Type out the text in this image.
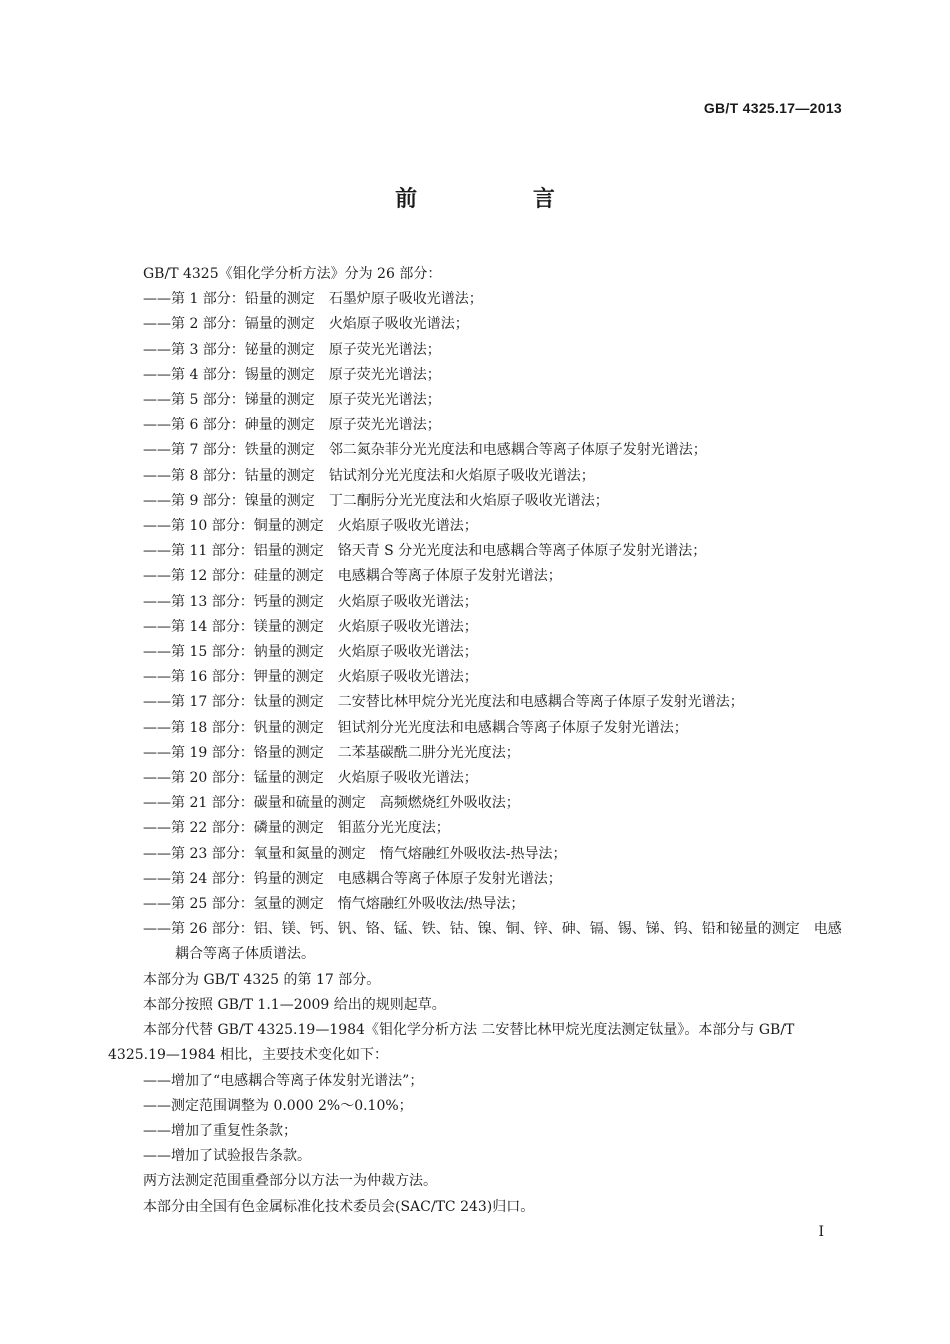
GB/T 4325.17—2013
前 言
GB/T 4325《钼化学分析方法》分为 26 部分：
——第 1 部分：铅量的测定 石墨炉原子吸收光谱法；
——第 2 部分：镉量的测定 火焰原子吸收光谱法；
——第 3 部分：铋量的测定 原子荧光光谱法；
——第 4 部分：锡量的测定 原子荧光光谱法；
——第 5 部分：锑量的测定 原子荧光光谱法；
——第 6 部分：砷量的测定 原子荧光光谱法；
——第 7 部分：铁量的测定 邻二氮杂菲分光光度法和电感耦合等离子体原子发射光谱法；
——第 8 部分：钴量的测定 钴试剂分光光度法和火焰原子吸收光谱法；
——第 9 部分：镍量的测定 丁二酮肟分光光度法和火焰原子吸收光谱法；
——第 10 部分：铜量的测定 火焰原子吸收光谱法；
——第 11 部分：铝量的测定 铬天青 S 分光光度法和电感耦合等离子体原子发射光谱法；
——第 12 部分：硅量的测定 电感耦合等离子体原子发射光谱法；
——第 13 部分：钙量的测定 火焰原子吸收光谱法；
——第 14 部分：镁量的测定 火焰原子吸收光谱法；
——第 15 部分：钠量的测定 火焰原子吸收光谱法；
——第 16 部分：钾量的测定 火焰原子吸收光谱法；
——第 17 部分：钛量的测定 二安替比林甲烷分光光度法和电感耦合等离子体原子发射光谱法；
——第 18 部分：钒量的测定 钽试剂分光光度法和电感耦合等离子体原子发射光谱法；
——第 19 部分：铬量的测定 二苯基碳酰二肼分光光度法；
——第 20 部分：锰量的测定 火焰原子吸收光谱法；
——第 21 部分：碳量和硫量的测定 高频燃烧红外吸收法；
——第 22 部分：磷量的测定 钼蓝分光光度法；
——第 23 部分：氧量和氮量的测定 惰气熔融红外吸收法-热导法；
——第 24 部分：钨量的测定 电感耦合等离子体原子发射光谱法；
——第 25 部分：氢量的测定 惰气熔融红外吸收法/热导法；
——第 26 部分：铝、镁、钙、钒、铬、锰、铁、钴、镍、铜、锌、砷、镉、锡、锑、钨、铅和铋量的测定 电感耦合等离子体质谱法。
本部分为 GB/T 4325 的第 17 部分。
本部分按照 GB/T 1.1—2009 给出的规则起草。
本部分代替 GB/T 4325.19—1984《钼化学分析方法 二安替比林甲烷光度法测定钛量》。本部分与 GB/T 4325.19—1984 相比，主要技术变化如下：
——增加了“电感耦合等离子体发射光谱法”；
——测定范围调整为 0.000 2%～0.10%；
——增加了重复性条款；
——增加了试验报告条款。
两方法测定范围重叠部分以方法一为仲裁方法。
本部分由全国有色金属标准化技术委员会(SAC/TC 243)归口。
I
